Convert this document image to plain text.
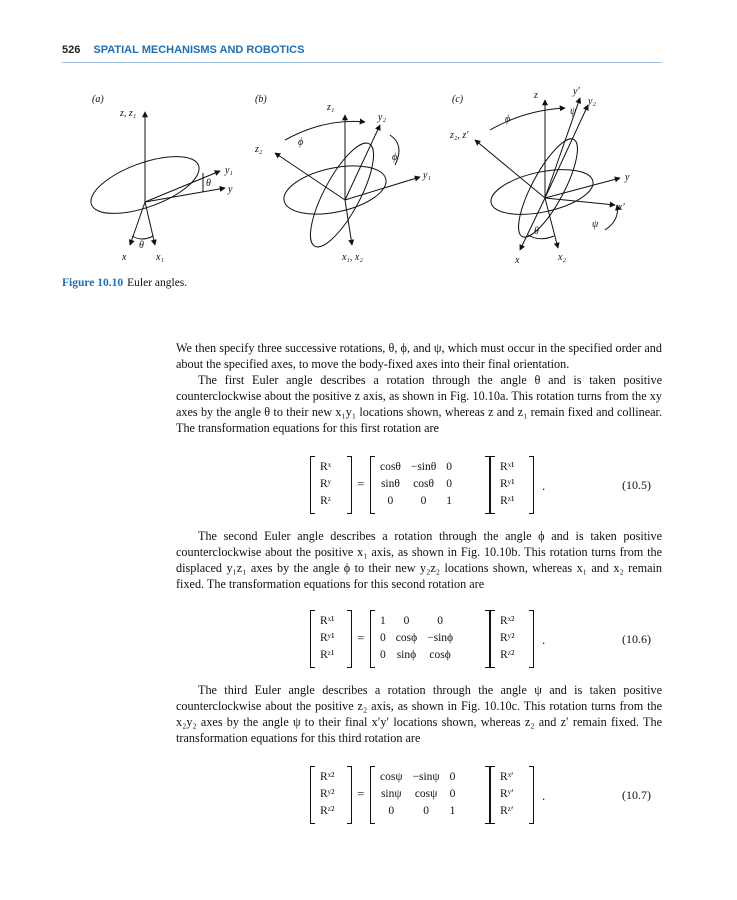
526 SPATIAL MECHANISMS AND ROBOTICS
(a)
z, z₁
y₁
y
θ
x	x₁
θ
(b)
z₁
z₂
y₂
ϕ
ϕ
y₁
x₁, x₂
(c)	z
z₂, z′
y′
y₂
ψ
ϕ
y
x′
ψ
x	x₂
θ
Figure 10.10 Euler angles.
We then specify three successive rotations, θ, ϕ, and ψ, which must occur in the specified order and about the specified axes, to move the body-fixed axes into their final orientation.
The first Euler angle describes a rotation through the angle θ and is taken positive counterclockwise about the positive z axis, as shown in Fig. 10.10a. This rotation turns from the xy axes by the angle θ to their new x₁y₁ locations shown, whereas z and z₁ remain fixed and collinear. The transformation equations for this first rotation are
Rˣ
Rʸ
Rᶻ
=
cosθ	−sinθ	0
sinθ	cosθ	0
0	0	1
Rˣ¹
Rʸ¹
Rᶻ¹
.	(10.5)
The second Euler angle describes a rotation through the angle ϕ and is taken positive counterclockwise about the positive x₁ axis, as shown in Fig. 10.10b. This rotation turns from the displaced y₁z₁ axes by the angle ϕ to their new y₂z₂ locations shown, whereas x₁ and x₂ remain fixed. The transformation equations for this second rotation are
Rˣ¹
Rʸ¹
Rᶻ¹
=
1	0	0
0	cosϕ	−sinϕ
0	sinϕ	cosϕ
Rˣ²
Rʸ²
Rᶻ²
.	(10.6)
The third Euler angle describes a rotation through the angle ψ and is taken positive counterclockwise about the positive z₂ axis, as shown in Fig. 10.10c. This rotation turns from the x₂y₂ axes by the angle ψ to their final x′y′ locations shown, whereas z₂ and z′ remain fixed. The transformation equations for this third rotation are
Rˣ²
Rʸ²
Rᶻ²
=
cosψ	−sinψ	0
sinψ	cosψ	0
0	0	1
Rˣ′
Rʸ′
Rᶻ′
.	(10.7)
